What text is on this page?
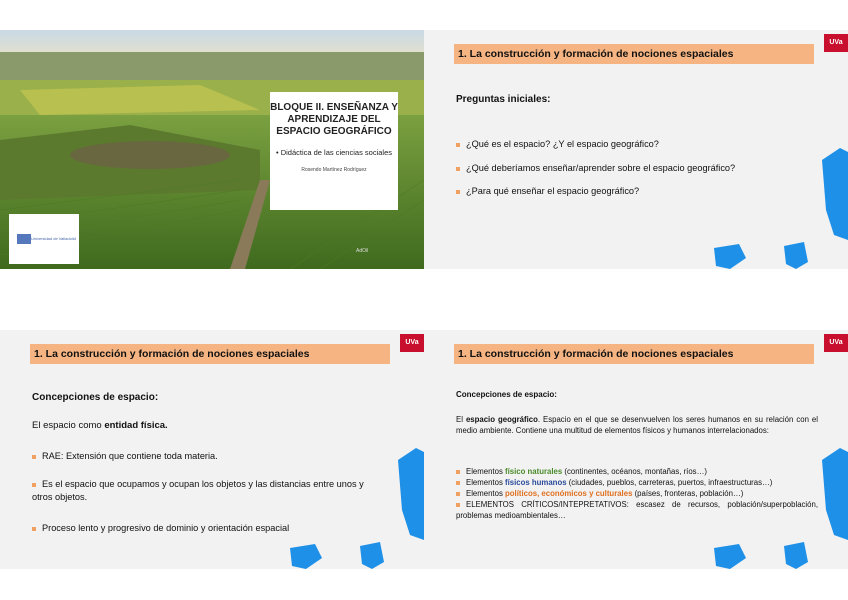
BLOQUE II. ENSEÑANZA Y APRENDIZAJE DEL ESPACIO GEOGRÁFICO
• Didáctica de las ciencias sociales
Rosendo Martínez Rodríguez
Universidad de Valladolid
AdOil
1. La construcción y formación de nociones espaciales
UVa
Preguntas iniciales:
¿Qué es el espacio? ¿Y el espacio geográfico?
¿Qué deberíamos enseñar/aprender sobre el espacio geográfico?
¿Para qué enseñar el espacio geográfico?
1. La construcción y formación de nociones espaciales
UVa
Concepciones de espacio:
El espacio como entidad física.
RAE: Extensión que contiene toda materia.
Es el espacio que ocupamos y ocupan los objetos y las distancias entre unos y otros objetos.
Proceso lento y progresivo de dominio y orientación espacial
1. La construcción y formación de nociones espaciales
UVa
Concepciones de espacio:
El espacio geográfico. Espacio en el que se desenvuelven los seres humanos en su relación con el medio ambiente. Contiene una multitud de elementos físicos y humanos interrelacionados:

Elementos físico naturales (continentes, océanos, montañas, ríos…)

Elementos físicos humanos (ciudades, pueblos, carreteras, puertos, infraestructuras…)

Elementos políticos, económicos y culturales (países, fronteras, población…)

ELEMENTOS CRÍTICOS/INTEPRETATIVOS: escasez de recursos, población/superpoblación, problemas medioambientales…
